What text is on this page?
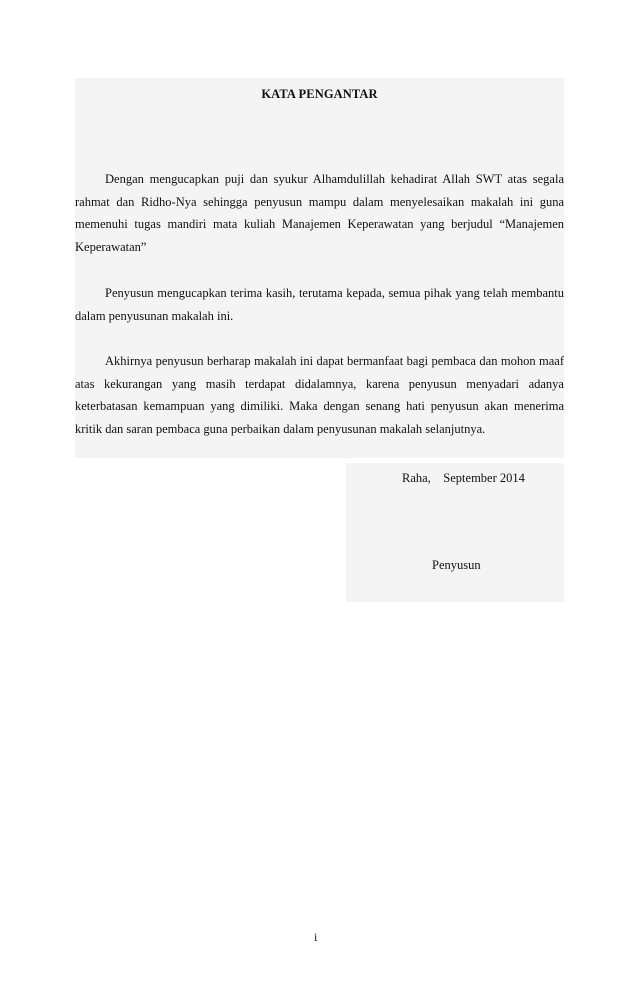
KATA PENGANTAR

Dengan mengucapkan puji dan syukur Alhamdulillah kehadirat Allah SWT atas segala rahmat dan Ridho-Nya sehingga penyusun mampu dalam menyelesaikan makalah ini guna memenuhi tugas mandiri mata kuliah Manajemen Keperawatan yang berjudul “Manajemen Keperawatan”

Penyusun mengucapkan terima kasih, terutama kepada, semua pihak yang telah membantu dalam penyusunan makalah ini.

Akhirnya penyusun berharap makalah ini dapat bermanfaat bagi pembaca dan mohon maaf atas kekurangan yang masih terdapat didalamnya, karena penyusun menyadari adanya keterbatasan kemampuan yang dimiliki. Maka dengan senang hati penyusun akan menerima kritik dan saran pembaca guna perbaikan dalam penyusunan makalah selanjutnya.

Raha,    September 2014
Penyusun
i
